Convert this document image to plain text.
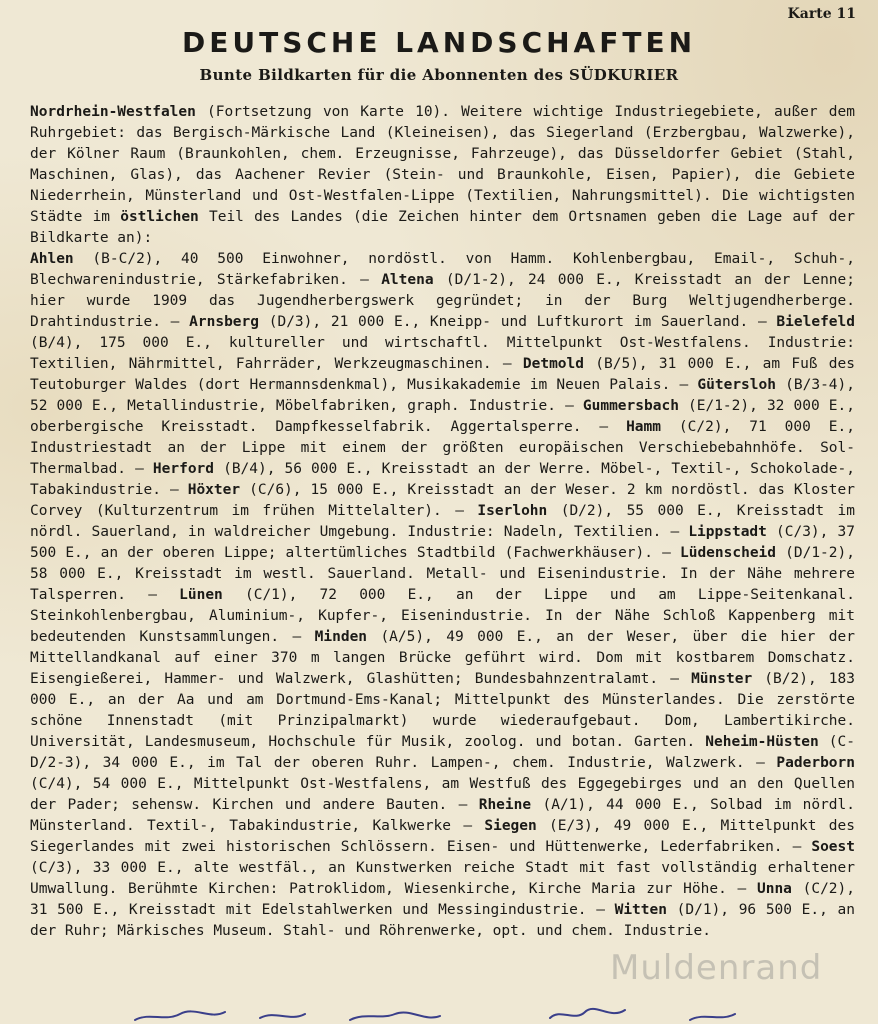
Karte 11
DEUTSCHE LANDSCHAFTEN
Bunte Bildkarten für die Abonnenten des SÜDKURIER

Nordrhein-Westfalen (Fortsetzung von Karte 10). Weitere wichtige Industriegebiete, außer dem Ruhrgebiet: das Bergisch-Märkische Land (Kleineisen), das Siegerland (Erzbergbau, Walzwerke), der Kölner Raum (Braunkohlen, chem. Erzeugnisse, Fahrzeuge), das Düsseldorfer Gebiet (Stahl, Maschinen, Glas), das Aachener Revier (Stein- und Braunkohle, Eisen, Papier), die Gebiete Niederrhein, Münsterland und Ost-Westfalen-Lippe (Textilien, Nahrungsmittel). Die wichtigsten Städte im östlichen Teil des Landes (die Zeichen hinter dem Ortsnamen geben die Lage auf der Bildkarte an):
Ahlen (B-C/2), 40 500 Einwohner, nordöstl. von Hamm. Kohlenbergbau, Email-, Schuh-, Blechwarenindustrie, Stärkefabriken. — Altena (D/1-2), 24 000 E., Kreisstadt an der Lenne; hier wurde 1909 das Jugendherbergswerk gegründet; in der Burg Weltjugendherberge. Drahtindustrie. — Arnsberg (D/3), 21 000 E., Kneipp- und Luftkurort im Sauerland. — Bielefeld (B/4), 175 000 E., kultureller und wirtschaftl. Mittelpunkt Ost-Westfalens. Industrie: Textilien, Nährmittel, Fahrräder, Werkzeugmaschinen. — Detmold (B/5), 31 000 E., am Fuß des Teutoburger Waldes (dort Hermannsdenkmal), Musikakademie im Neuen Palais. — Gütersloh (B/3-4), 52 000 E., Metallindustrie, Möbelfabriken, graph. Industrie. — Gummersbach (E/1-2), 32 000 E., oberbergische Kreisstadt. Dampfkesselfabrik. Aggertalsperre. — Hamm (C/2), 71 000 E., Industriestadt an der Lippe mit einem der größten europäischen Verschiebebahnhöfe. Sol-Thermalbad. — Herford (B/4), 56 000 E., Kreisstadt an der Werre. Möbel-, Textil-, Schokolade-, Tabakindustrie. — Höxter (C/6), 15 000 E., Kreisstadt an der Weser. 2 km nordöstl. das Kloster Corvey (Kulturzentrum im frühen Mittelalter). — Iserlohn (D/2), 55 000 E., Kreisstadt im nördl. Sauerland, in waldreicher Umgebung. Industrie: Nadeln, Textilien. — Lippstadt (C/3), 37 500 E., an der oberen Lippe; altertümliches Stadtbild (Fachwerkhäuser). — Lüdenscheid (D/1-2), 58 000 E., Kreisstadt im westl. Sauerland. Metall- und Eisenindustrie. In der Nähe mehrere Talsperren. — Lünen (C/1), 72 000 E., an der Lippe und am Lippe-Seitenkanal. Steinkohlenbergbau, Aluminium-, Kupfer-, Eisenindustrie. In der Nähe Schloß Kappenberg mit bedeutenden Kunstsammlungen. — Minden (A/5), 49 000 E., an der Weser, über die hier der Mittellandkanal auf einer 370 m langen Brücke geführt wird. Dom mit kostbarem Domschatz. Eisengießerei, Hammer- und Walzwerk, Glashütten; Bundesbahnzentralamt. — Münster (B/2), 183 000 E., an der Aa und am Dortmund-Ems-Kanal; Mittelpunkt des Münsterlandes. Die zerstörte schöne Innenstadt (mit Prinzipalmarkt) wurde wiederaufgebaut. Dom, Lambertikirche. Universität, Landesmuseum, Hochschule für Musik, zoolog. und botan. Garten. Neheim-Hüsten (C-D/2-3), 34 000 E., im Tal der oberen Ruhr. Lampen-, chem. Industrie, Walzwerk. — Paderborn (C/4), 54 000 E., Mittelpunkt Ost-Westfalens, am Westfuß des Eggegebirges und an den Quellen der Pader; sehensw. Kirchen und andere Bauten. — Rheine (A/1), 44 000 E., Solbad im nördl. Münsterland. Textil-, Tabakindustrie, Kalkwerke — Siegen (E/3), 49 000 E., Mittelpunkt des Siegerlandes mit zwei historischen Schlössern. Eisen- und Hüttenwerke, Lederfabriken. — Soest (C/3), 33 000 E., alte westfäl., an Kunstwerken reiche Stadt mit fast vollständig erhaltener Umwallung. Berühmte Kirchen: Patroklidom, Wiesenkirche, Kirche Maria zur Höhe. — Unna (C/2), 31 500 E., Kreisstadt mit Edelstahlwerken und Messingindustrie. — Witten (D/1), 96 500 E., an der Ruhr; Märkisches Museum. Stahl- und Röhrenwerke, opt. und chem. Industrie.

Muldenrand
